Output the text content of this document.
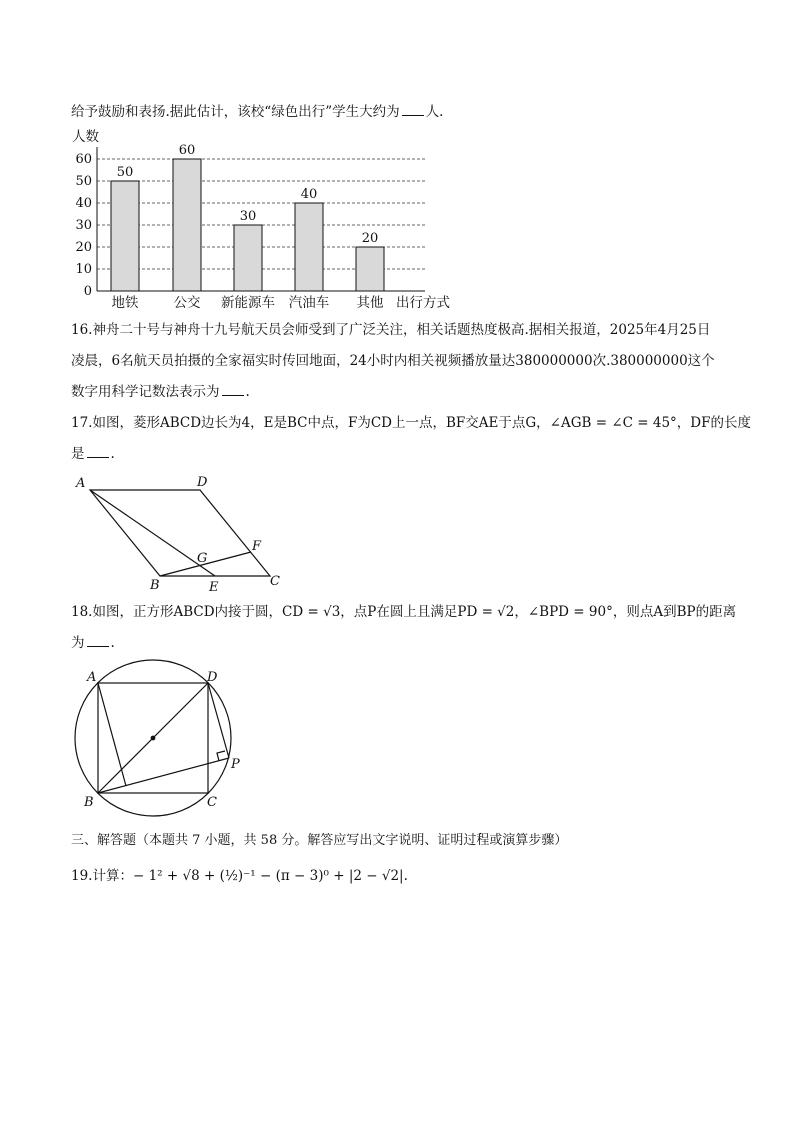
给予鼓励和表扬.据此估计，该校“绿色出行”学生大约为 人.
0
10
20
30
40
50
60
人数
出行方式
50
地铁
60
公交
30
新能源车
40
汽油车
20
其他
16.神舟二十号与神舟十九号航天员会师受到了广泛关注，相关话题热度极高.据相关报道，2025年4月25日
凌晨，6名航天员拍摄的全家福实时传回地面，24小时内相关视频播放量达380000000次.380000000这个
数字用科学记数法表示为 .
17.如图，菱形ABCD边长为4，E是BC中点，F为CD上一点，BF交AE于点G，∠AGB = ∠C = 45°，DF的长度
是 .
A	D
F
G
B	E	C
18.如图，正方形ABCD内接于圆，CD = √3，点P在圆上且满足PD = √2，∠BPD = 90°，则点A到BP的距离
为 .
A	D
P
B	C
三、解答题（本题共 7 小题，共 58 分。解答应写出文字说明、证明过程或演算步骤）
19.计算：− 1² + √8 + (½)⁻¹ − (π − 3)⁰ + |2 − √2|.
